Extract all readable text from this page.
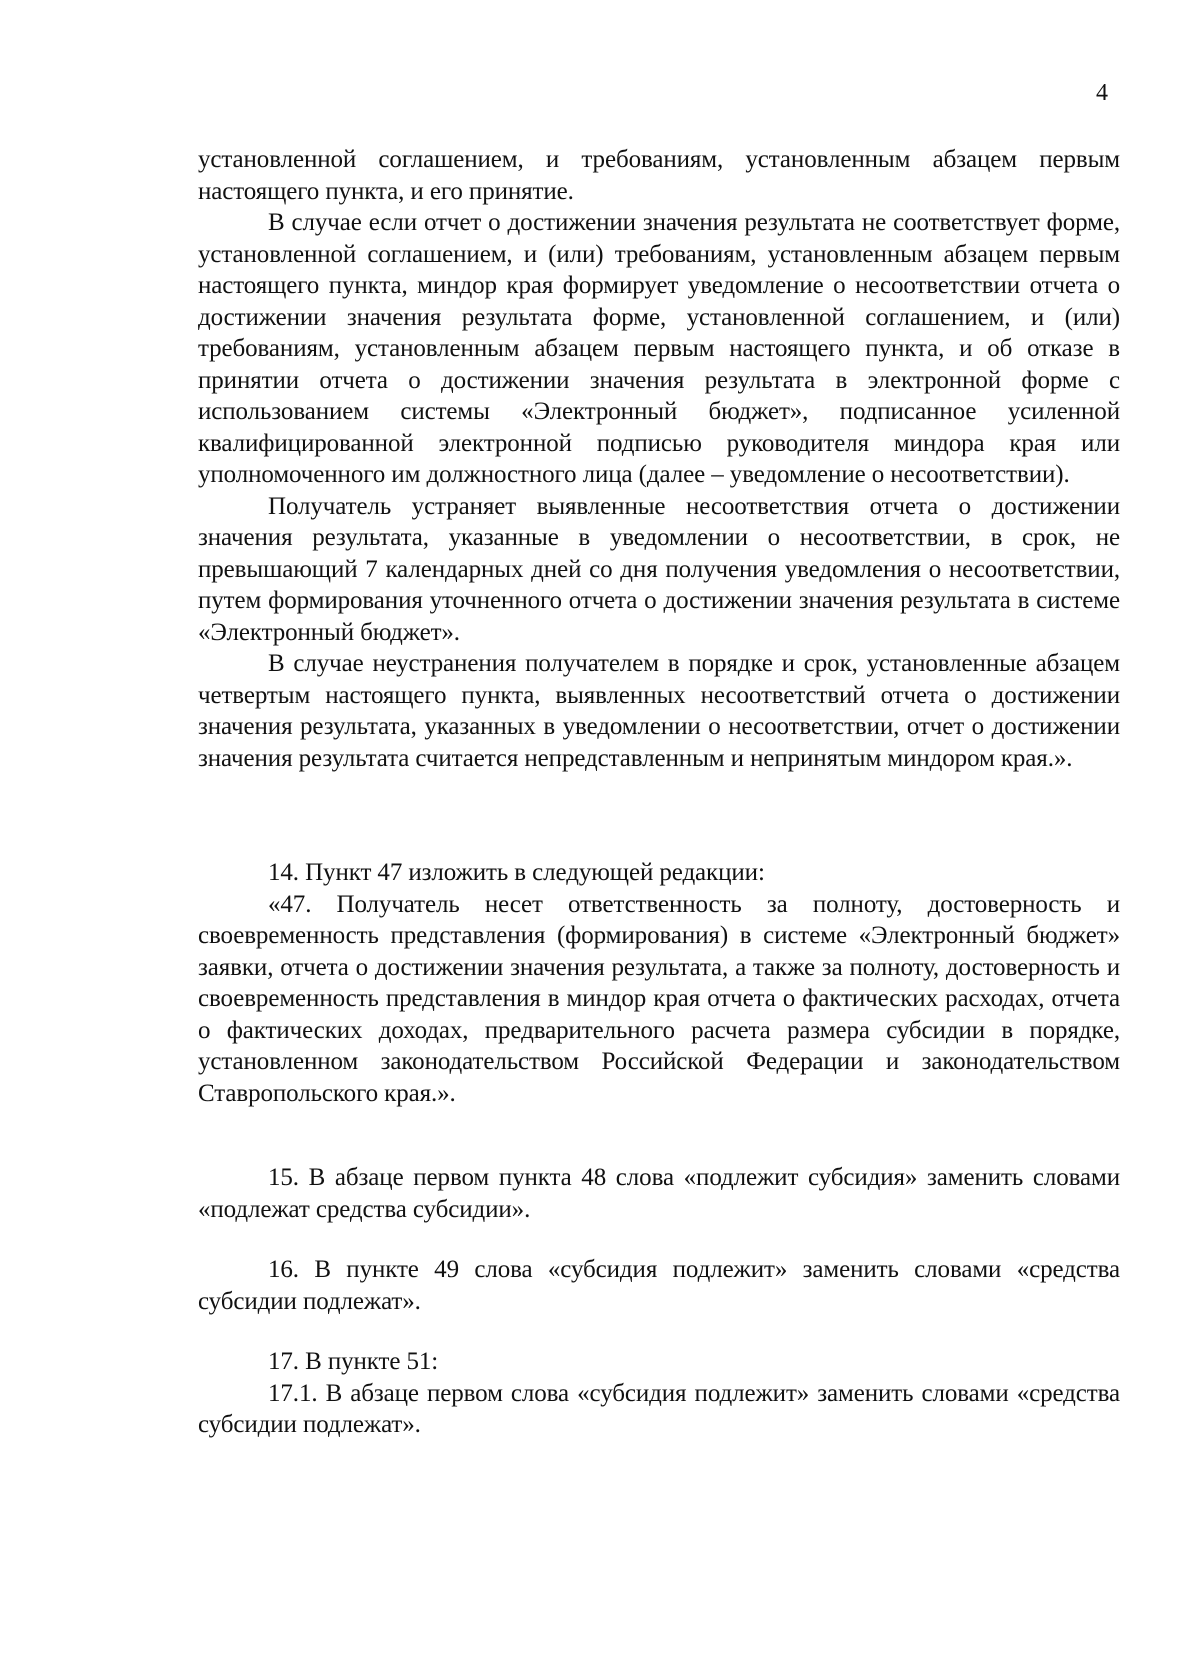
4

установленной соглашением, и требованиям, установленным абзацем первым настоящего пункта, и его принятие.

В случае если отчет о достижении значения результата не соответствует форме, установленной соглашением, и (или) требованиям, установленным абзацем первым настоящего пункта, миндор края формирует уведомление о несоответствии отчета о достижении значения результата форме, установленной соглашением, и (или) требованиям, установленным абзацем первым настоящего пункта, и об отказе в принятии отчета о достижении значения результата в электронной форме с использованием системы «Электронный бюджет», подписанное усиленной квалифицированной электронной подписью руководителя миндора края или уполномоченного им должностного лица (далее – уведомление о несоответствии).

Получатель устраняет выявленные несоответствия отчета о достижении значения результата, указанные в уведомлении о несоответствии, в срок, не превышающий 7 календарных дней со дня получения уведомления о несоответствии, путем формирования уточненного отчета о достижении значения результата в системе «Электронный бюджет».

В случае неустранения получателем в порядке и срок, установленные абзацем четвертым настоящего пункта, выявленных несоответствий отчета о достижении значения результата, указанных в уведомлении о несоответствии, отчет о достижении значения результата считается непредставленным и непринятым миндором края.».

14. Пункт 47 изложить в следующей редакции:

«47. Получатель несет ответственность за полноту, достоверность и своевременность представления (формирования) в системе «Электронный бюджет» заявки, отчета о достижении значения результата, а также за полноту, достоверность и своевременность представления в миндор края отчета о фактических расходах, отчета о фактических доходах, предварительного расчета размера субсидии в порядке, установленном законодательством Российской Федерации и законодательством Ставропольского края.».

15. В абзаце первом пункта 48 слова «подлежит субсидия» заменить словами «подлежат средства субсидии».

16. В пункте 49 слова «субсидия подлежит» заменить словами «средства субсидии подлежат».

17. В пункте 51:

17.1. В абзаце первом слова «субсидия подлежит» заменить словами «средства субсидии подлежат».
